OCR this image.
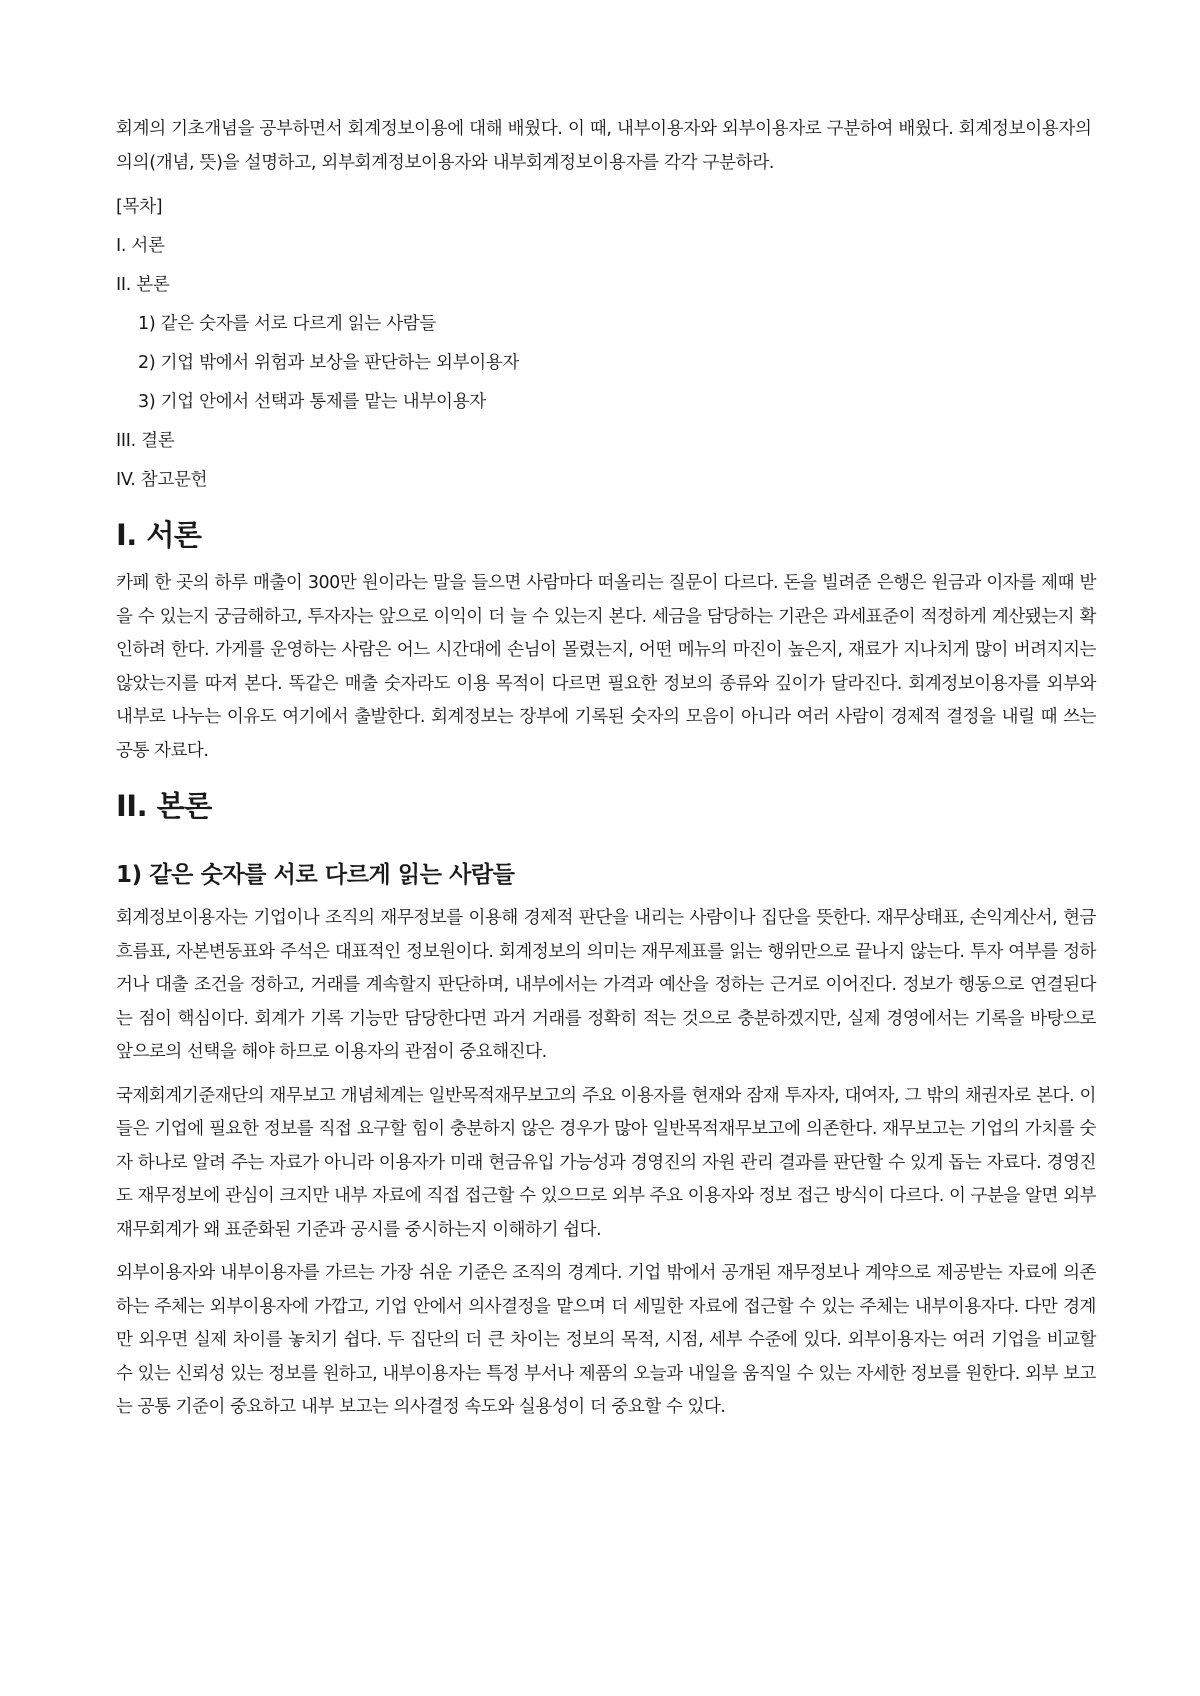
회계의 기초개념을 공부하면서 회계정보이용에 대해 배웠다. 이 때, 내부이용자와 외부이용자로 구분하여 배웠다. 회계정보이용자의 의의(개념, 뜻)을 설명하고, 외부회계정보이용자와 내부회계정보이용자를 각각 구분하라.

[목차]
I. 서론
II. 본론
1) 같은 숫자를 서로 다르게 읽는 사람들
2) 기업 밖에서 위험과 보상을 판단하는 외부이용자
3) 기업 안에서 선택과 통제를 맡는 내부이용자
III. 결론
IV. 참고문헌
I. 서론

카페 한 곳의 하루 매출이 300만 원이라는 말을 들으면 사람마다 떠올리는 질문이 다르다. 돈을 빌려준 은행은 원금과 이자를 제때 받을 수 있는지 궁금해하고, 투자자는 앞으로 이익이 더 늘 수 있는지 본다. 세금을 담당하는 기관은 과세표준이 적정하게 계산됐는지 확인하려 한다. 가게를 운영하는 사람은 어느 시간대에 손님이 몰렸는지, 어떤 메뉴의 마진이 높은지, 재료가 지나치게 많이 버려지지는 않았는지를 따져 본다. 똑같은 매출 숫자라도 이용 목적이 다르면 필요한 정보의 종류와 깊이가 달라진다. 회계정보이용자를 외부와 내부로 나누는 이유도 여기에서 출발한다. 회계정보는 장부에 기록된 숫자의 모음이 아니라 여러 사람이 경제적 결정을 내릴 때 쓰는 공통 자료다.

II. 본론
1) 같은 숫자를 서로 다르게 읽는 사람들

회계정보이용자는 기업이나 조직의 재무정보를 이용해 경제적 판단을 내리는 사람이나 집단을 뜻한다. 재무상태표, 손익계산서, 현금흐름표, 자본변동표와 주석은 대표적인 정보원이다. 회계정보의 의미는 재무제표를 읽는 행위만으로 끝나지 않는다. 투자 여부를 정하거나 대출 조건을 정하고, 거래를 계속할지 판단하며, 내부에서는 가격과 예산을 정하는 근거로 이어진다. 정보가 행동으로 연결된다는 점이 핵심이다. 회계가 기록 기능만 담당한다면 과거 거래를 정확히 적는 것으로 충분하겠지만, 실제 경영에서는 기록을 바탕으로 앞으로의 선택을 해야 하므로 이용자의 관점이 중요해진다.

국제회계기준재단의 재무보고 개념체계는 일반목적재무보고의 주요 이용자를 현재와 잠재 투자자, 대여자, 그 밖의 채권자로 본다. 이들은 기업에 필요한 정보를 직접 요구할 힘이 충분하지 않은 경우가 많아 일반목적재무보고에 의존한다. 재무보고는 기업의 가치를 숫자 하나로 알려 주는 자료가 아니라 이용자가 미래 현금유입 가능성과 경영진의 자원 관리 결과를 판단할 수 있게 돕는 자료다. 경영진도 재무정보에 관심이 크지만 내부 자료에 직접 접근할 수 있으므로 외부 주요 이용자와 정보 접근 방식이 다르다. 이 구분을 알면 외부 재무회계가 왜 표준화된 기준과 공시를 중시하는지 이해하기 쉽다.

외부이용자와 내부이용자를 가르는 가장 쉬운 기준은 조직의 경계다. 기업 밖에서 공개된 재무정보나 계약으로 제공받는 자료에 의존하는 주체는 외부이용자에 가깝고, 기업 안에서 의사결정을 맡으며 더 세밀한 자료에 접근할 수 있는 주체는 내부이용자다. 다만 경계만 외우면 실제 차이를 놓치기 쉽다. 두 집단의 더 큰 차이는 정보의 목적, 시점, 세부 수준에 있다. 외부이용자는 여러 기업을 비교할 수 있는 신뢰성 있는 정보를 원하고, 내부이용자는 특정 부서나 제품의 오늘과 내일을 움직일 수 있는 자세한 정보를 원한다. 외부 보고는 공통 기준이 중요하고 내부 보고는 의사결정 속도와 실용성이 더 중요할 수 있다.
